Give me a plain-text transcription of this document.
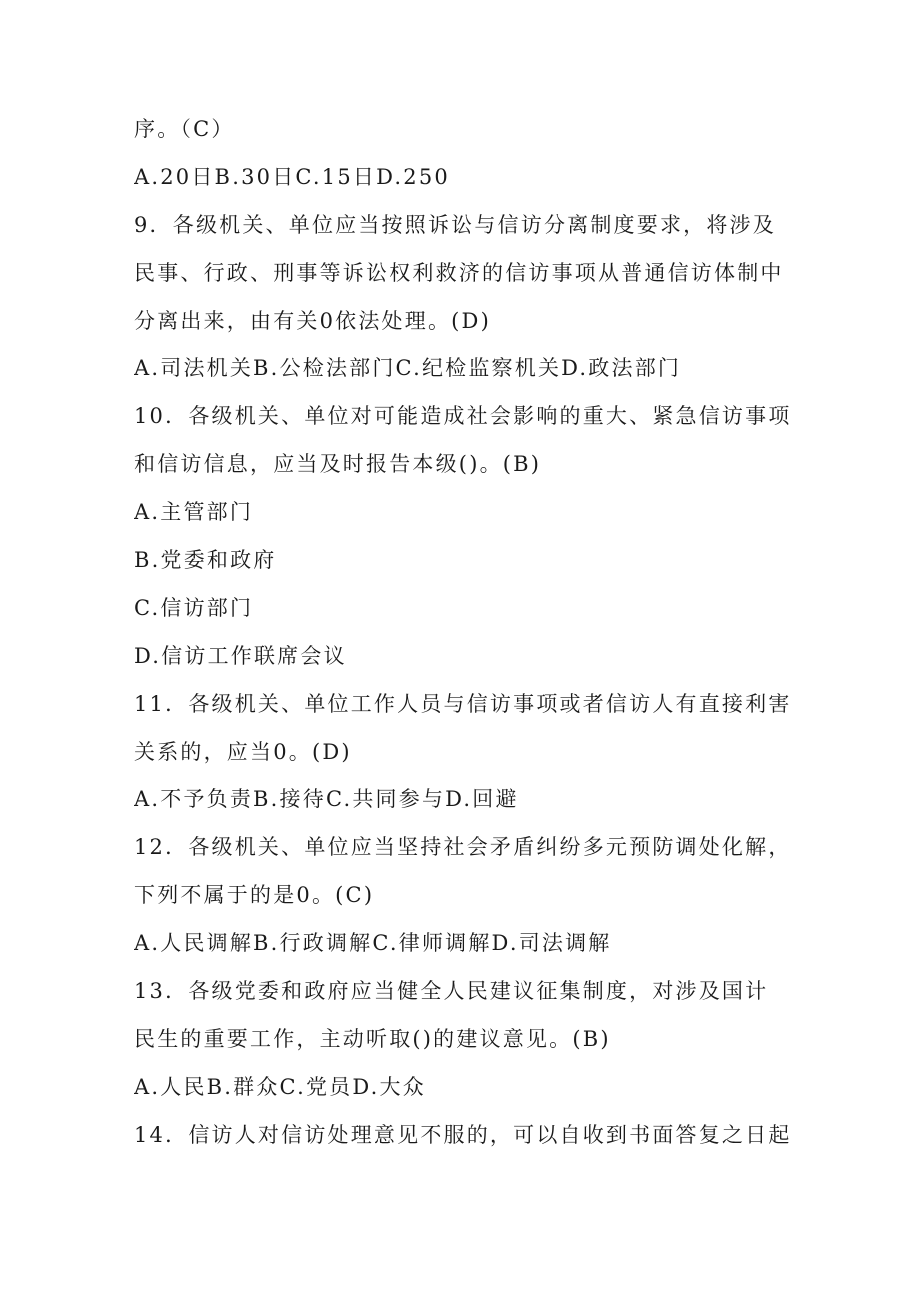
序。（C）
A.20日B.30日C.15日D.250
9．各级机关、单位应当按照诉讼与信访分离制度要求，将涉及
民事、行政、刑事等诉讼权利救济的信访事项从普通信访体制中
分离出来，由有关0依法处理。(D)
A.司法机关B.公检法部门C.纪检监察机关D.政法部门
10．各级机关、单位对可能造成社会影响的重大、紧急信访事项
和信访信息，应当及时报告本级()。(B)
A.主管部门
B.党委和政府
C.信访部门
D.信访工作联席会议
11．各级机关、单位工作人员与信访事项或者信访人有直接利害
关系的，应当0。(D)
A.不予负责B.接待C.共同参与D.回避
12．各级机关、单位应当坚持社会矛盾纠纷多元预防调处化解，
下列不属于的是0。(C)
A.人民调解B.行政调解C.律师调解D.司法调解
13．各级党委和政府应当健全人民建议征集制度，对涉及国计
民生的重要工作，主动听取()的建议意见。(B)
A.人民B.群众C.党员D.大众
14．信访人对信访处理意见不服的，可以自收到书面答复之日起
